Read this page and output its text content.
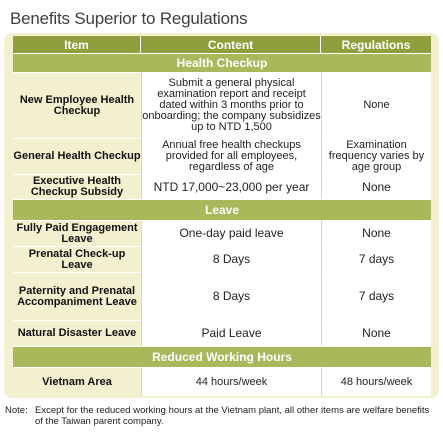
Benefits Superior to Regulations
Item	Content	Regulations
Health Checkup		
New Employee Health Checkup	Submit a general physical examination report and receipt dated within 3 months prior to onboarding; the company subsidizes up to NTD 1,500	None
General Health Checkup	Annual free health checkups provided for all employees, regardless of age	Examination frequency varies by age group
Executive Health Checkup Subsidy	NTD 17,000~23,000 per year	None
Leave		
Fully Paid Engagement Leave	One-day paid leave	None
Prenatal Check-up Leave	8 Days	7 days
Paternity and Prenatal Accompaniment Leave	8 Days	7 days
Natural Disaster Leave	Paid Leave	None
Reduced Working Hours		
Vietnam Area	44 hours/week	48 hours/week
Note: Except for the reduced working hours at the Vietnam plant, all other items are welfare benefits of the Taiwan parent company.
